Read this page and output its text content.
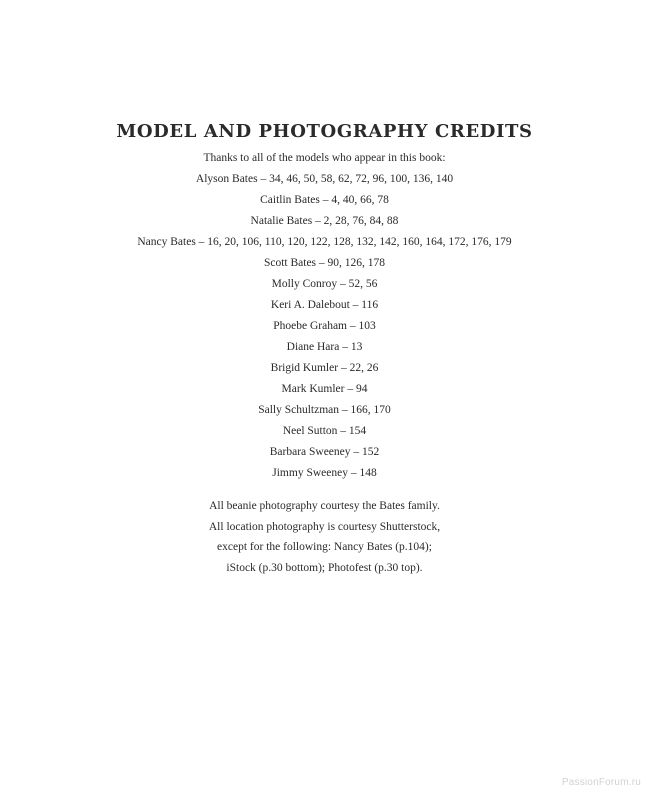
MODEL AND PHOTOGRAPHY CREDITS

Thanks to all of the models who appear in this book:

Alyson Bates – 34, 46, 50, 58, 62, 72, 96, 100, 136, 140
Caitlin Bates – 4, 40, 66, 78
Natalie Bates – 2, 28, 76, 84, 88
Nancy Bates – 16, 20, 106, 110, 120, 122, 128, 132, 142, 160, 164, 172, 176, 179
Scott Bates – 90, 126, 178
Molly Conroy – 52, 56
Keri A. Dalebout – 116
Phoebe Graham – 103
Diane Hara – 13
Brigid Kumler – 22, 26
Mark Kumler – 94
Sally Schultzman – 166, 170
Neel Sutton – 154
Barbara Sweeney – 152
Jimmy Sweeney – 148
All beanie photography courtesy the Bates family.
All location photography is courtesy Shutterstock,
except for the following: Nancy Bates (p.104);
iStock (p.30 bottom); Photofest (p.30 top).
PassionForum.ru
